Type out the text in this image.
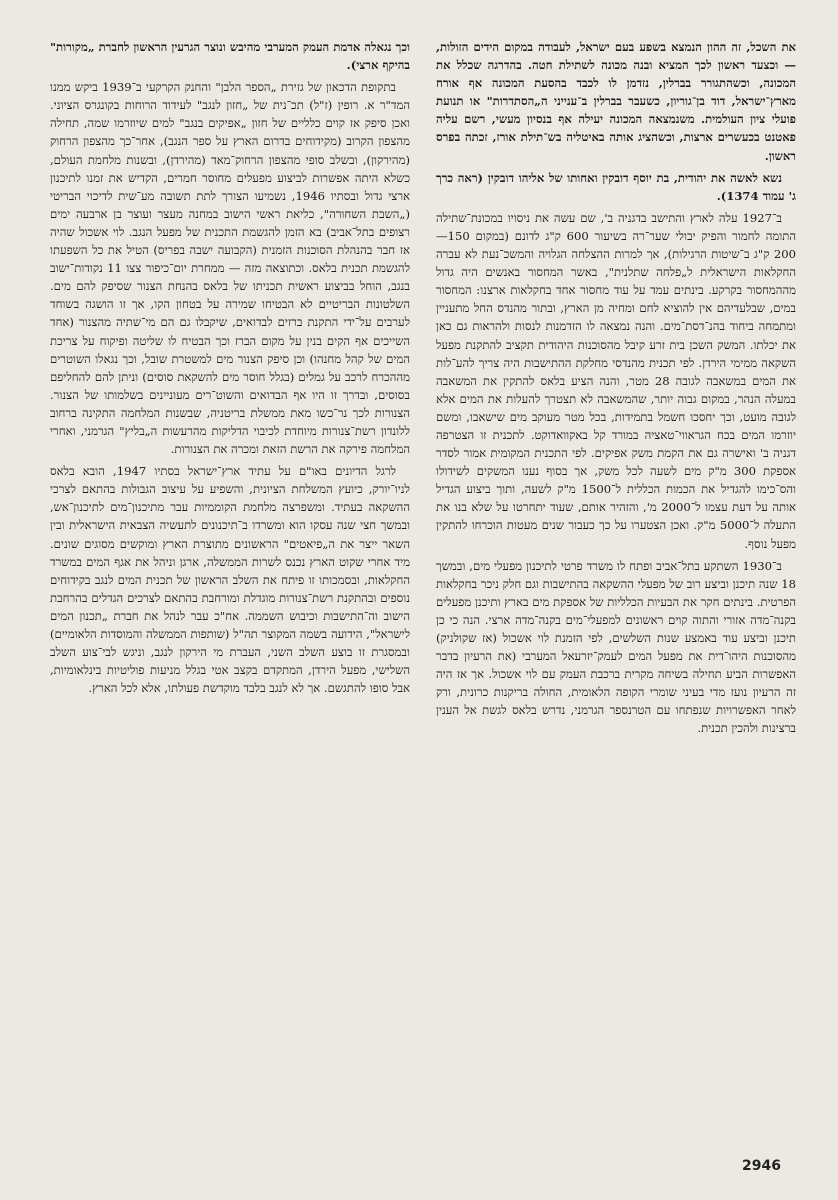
את השכל, זה ההון הנמצא בשפע בעם ישראל, לעבודה במקום הידים הזולות, — וכצעד ראשון לכך המציא ובנה מכונה לשתילת חטה. בהדרגה שכלל את המכונה, וכשהתגורר בברלין, נזדמן לו לכבד בהסעת המכונה אף אורח מארץ־ישראל, דוד בן־גוריון, כשעבר בברלין ב־ענייני ה„הסתדרות" או תנועת פועלי ציון העולמית. משנמצאה המכונה יעילה אף בנסיון מעשי, רשם עליה פאטנט בכעשרים ארצות, וכשהציג אותה באיטליה בש־תילת אורז, זכתה בפרס ראשון.

נשא לאשה את יהודית, בת יוסף דובקין ואחותו של אליהו דובקין (ראה כרך ג' עמוד 1374).

ב־1927 עלה לארץ והתישב בדגניה ב', שם עשה את ניסויו במכונת־שתילה התומה לחמור והפיק יבולי שער־רה בשיעור 600 ק"ג לדונם (במקום 150—200 ק"ג ב־שיטות הרגילות), אך למרות ההצלחה הגלויה והמשכ־נעת לא עברה החקלאות הישראלית ל„פלחה שתלנית", באשר המחסור באנשים היה גדול מההמחסור בקרקע. בינתים עמד על עוד מחסור אחד בחקלאות ארצנו: המחסור במים, שבלעדיהם אין להוציא לחם ומחיה מן הארץ, ובתור מהנדס החל מתעניין ומתמחה ביחוד בהנ־דסת־מים. והנה נמצאה לו הזדמנות לנסות ולהראות גם כאן את יכלתו. המשק השכן בית זרע קיבל מהסוכנות היהודית תקציב להתקנת מפעל השקאה ממימי הירדן. לפי תכנית מהנדסי מחלקת ההתישבות היה צריך להע־לות את המים במשאבה לגובה 28 מטר, והנה הציע בלאס להתקין את המשאבה במעלה הנהר, במקום גבוה יותר, שהמשאבה לא תצטרך להעלות את המים אלא לגובה מועט, וכך יחסכו חשמל בתמידות, בכל מטר מעוקב מים שישאבו, ומשם יוזרמו המים בכח הגראווי־טאציה במורד קל באקוואדוקט. לתכנית זו הצטרפה דגניה ב' ואישרה גם את הקמת משק אפיקים. לפי התכנית המקומית אמור לסדר אספקת 300 מ"ק מים לשעה לכל משק, אך בסוף נענו המשקים לשידולו והס־כימו להגדיל את הכמות הכללית ל־1500 מ"ק לשעה, ותוך ביצוע הגדיל אותה על דעת עצמו ל־2000 מ', והזהיר אותם, שעוד יתחרטו על שלא בנו את התעלה ל־5000 מ"ק. ואכן הצטערו על כך כעבור שנים מעטות הוכרחו להתקין מפעל נוסף.

ב־1930 השתקע בתל־אביב ופתח לו משרד פרטי לתיכנון מפעלי מים, ובמשך 18 שנה תיכנן וביצע רוב של מפעלי ההשקאה בהתישבות וגם חלק ניכר בחקלאות הפרטית. בינתים חקר את הבעיות הכלליות של אספקת מים בארץ ותיכנן מפעלים בקנה־מדה אזורי והתוה קוים ראשונים למפעלי־מים בקנה־מדה ארצי. הנה כי כן תיכנן וביצע עוד באמצע שנות השלשים, לפי הזמנת לוי אשכול (אז שקולניק) מהסוכנות היהו־דית את מפעל המים לעמק־יזרעאל המערבי (את הרעיון בדבר האפשרות הביע תחילה בשיחה מקרית ברכבת העמק עם לוי אשכול. אך אז היה זה הרעיון נועז מדי בעיני שומרי הקופה הלאומית, החולה בריקנות כרונית, ורק לאחר האפשרויות שנפתחו עם הטרנספר הגרמני, נדרש בלאס לגשת אל הענין ברצינות ולהכין תכנית.

וכך נגאלה אדמת העמק המערבי מהיבש ונוצר הגרעין הראשון לחברת „מקורות" בהיקף ארצי).

בתקופת הדכאון של גזירת „הספר הלבן" והחנק הקרקעי ב־1939 ביקש ממנו המד"ר א. רופין (ז"ל) תכ־נית של „חזון לנגב" לעידוד הרוחות בקונגרס הציוני. ואכן סיפק אז קוים כלליים של חזון „אפיקים בנגב" למים שיוזרמו שמה, תחילה מהצפון הקרוב (מקידוחים בדרום הארץ על ספר הנגב), אחר־כך מהצפון הרחוק (מהירקון), ובשלב סופי מהצפון הרחוק־מאד (מהירדן), ובשנות מלחמת העולם, כשלא היתה אפשרות לביצוע מפעלים מחוסר חמרים, הקדיש את זמנו לתיכנון ארצי גדול ובסתיו 1946, נשמיעו הצורך לתת תשובה מע־שית לדיכוי הבריטי („השבת השחורה", כליאת ראשי הישוב במחנה מעצר ועוצר בן ארבעה ימים רצופים בתל־אביב) בא הזמן להגשמת התכנית של מפעל הנגב. לוי אשכול שהיה אז חבר בהנהלת הסוכנות הזמנית (הקבועה ישבה בפריס) הטיל את כל השפעתו להגשמת תכנית בלאס. וכתוצאה מזה — ממחרת יום־כיפור צצו 11 נקודות־ישוב בנגב, הוחל בביצוע ראשית תכניתו של בלאס בהנחת הצנור שסיפק להם מים. השלטונות הבריטיים לא הבטיחו שמירה על בטחון הקו, אך זו הושגה בשוחד לערבים על־ידי התקנת ברזים לבדואים, שיקבלו גם הם מי־שתיה מהצנור (אחד השייכים אף הקים בנין על מקום הברז וכך הבטיח לו שליטה ופיקוח על צריכת המים של קהל מחנהו) וכן סיפק הצנור מים למשטרת שובל, וכך נגאלו השוטרים מההכרח לרכב על גמלים (בגלל חוסר מים להשקאת סוסים) וניתן להם להחליפם בסוסים, ובדרך זו היו אף הבדואים והשוט־רים מעוניינים בשלמותו של הצנור. הצנורות לכך נר־כשו מאת ממשלת בריטניה, שבשנות המלחמה התקינה ברחוב ללונדון רשת־צנורות מיוחדת לכיבוי הדליקות מהרעשות ה„בליץ" הגרמני, ואחרי המלחמה פירקה את הרשת הזאת ומכרה את הצנורות.

לרגל הדיונים באו"ם על עתיד ארץ־ישראל בסתיו 1947, הובא בלאס לניו־יורק, כיועץ המשלחת הציונית, והשפיע על עיצוב הגבולות בהתאם לצרכי ההשקאה בעתיד. ומשפרצה מלחמת הקוממיות עבר מתיכנון־מים לתיכנון־אש, ובמשך חצי שנה עסקו הוא ומשרדו ב־תיכנונים לתעשיה הצבאית הישראלית ובין השאר ייצר את ה„פיאטים" הראשונים מתוצרת הארץ ומוקשים מסוגים שונים. מיד אחרי שקוט הארץ נכנס לשרות הממשלה, ארגן וניהל את אגף המים במשרד החקלאות, ובסמכותו זו פיתח את השלב הראשון של תכנית המים לנגב בקידוחים נוספים ובהתקנת רשת־צנורות מוגדלת ומורחבת בהתאם לצרכים הגדלים בהרחבת הישוב וה־התישבות וכיבוש השממה. אח"כ עבר לנהל את חברת „תכנון המים לישראל", הידועה בשמה המקוצר תה"ל (שותפות הממשלה והמוסדות הלאומיים) ובמסגרת זו בוצע השלב השני, העברת מי הירקון לנגב, וניגש לבי־צוע השלב השלישי, מפעל הירדן, המתקדם בקצב אטי בגלל מניעות פוליטיות בינלאומיות, אבל סופו להתגשם. אך לא לנגב בלבד מוקדשת פעולתו, אלא לכל הארץ.

2946
